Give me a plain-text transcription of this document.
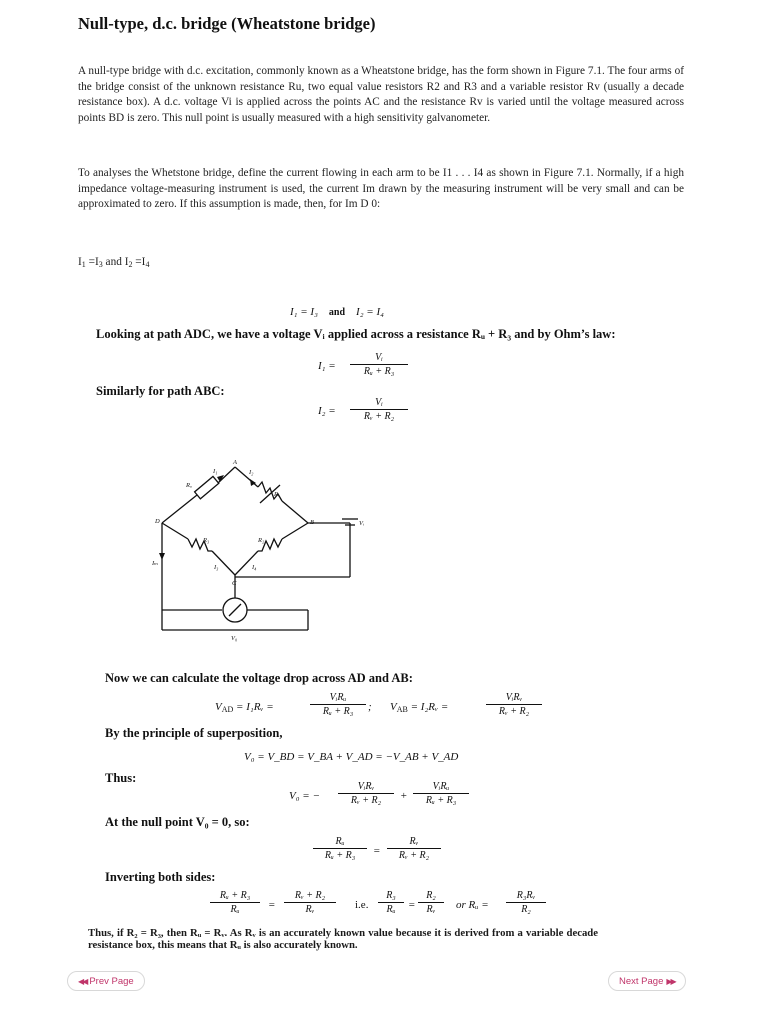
Null-type, d.c. bridge (Wheatstone bridge)

A null-type bridge with d.c. excitation, commonly known as a Wheatstone bridge, has the form shown in Figure 7.1. The four arms of the bridge consist of the unknown resistance Ru, two equal value resistors R2 and R3 and a variable resistor Rv (usually a decade resistance box). A d.c. voltage Vi is applied across the points AC and the resistance Rv is varied until the voltage measured across points BD is zero. This null point is usually measured with a high sensitivity galvanometer.

To analyses the Whetstone bridge, define the current flowing in each arm to be I1 . . . I4 as shown in Figure 7.1. Normally, if a high impedance voltage-measuring instrument is used, the current Im drawn by the measuring instrument will be very small and can be approximated to zero. If this assumption is made, then, for Im D 0:

$I_1 =I_3$ and $I_2 =I_4$
I₁ = I₃ and I₂ = I₄
Looking at path ADC, we have a voltage Vᵢ applied across a resistance Rᵤ + R₃ and by Ohm’s law:
$I_1 = \frac{\text{Vᵢ}}{\text{Rᵤ + R₃}}$
Similarly for path ABC:
$I_2 = \frac{\text{Vᵢ}}{\text{Rᵥ + R₂}}$
A
B
C
D
I₁	I₂
I₃	I₄
Iₘ
Rᵤ
Rᵥ
R₃	R₂
Vᵢ
V₀
Now we can calculate the voltage drop across AD and AB:
$V_{AD}$ = I₁Rᵥ =
VᵢRᵤ
Rᵤ + R₃	; $V_{AB}$ = I₂Rᵥ =
VᵢRᵥ
Rᵥ + R₂
By the principle of superposition,
V₀ = V_BD = V_BA + V_AD = −V_AB + V_AD
Thus:
V₀ = −
VᵢRᵥ
Rᵥ + R₂	+
VᵢRᵤ
Rᵤ + R₃
At the null point V₀ = 0, so:
$\frac{\text{Rᵤ}}{\text{Rᵤ + R₃}} = \frac{\text{Rᵥ}}{\text{Rᵥ + R₂}}$
Inverting both sides:
$\frac{\text{Rᵤ + R₃}}{\text{Rᵤ}} = \frac{\text{Rᵥ + R₂}}{\text{Rᵥ}} i.e$. $\frac{\text{R₃}}{\text{Rᵤ}} = \frac{\text{R₂}}{\text{Rᵥ}}$ or Rᵤ = $\frac{\text{R₃Rᵥ}}{\text{R₂}}$

Thus, if R₂ = R₃, then Rᵤ = Rᵥ. As Rᵥ is an accurately known value because it is derived from a variable decade resistance box, this means that Rᵤ is also accurately known.

◀◀ Prev Page	Next Page ▶▶
